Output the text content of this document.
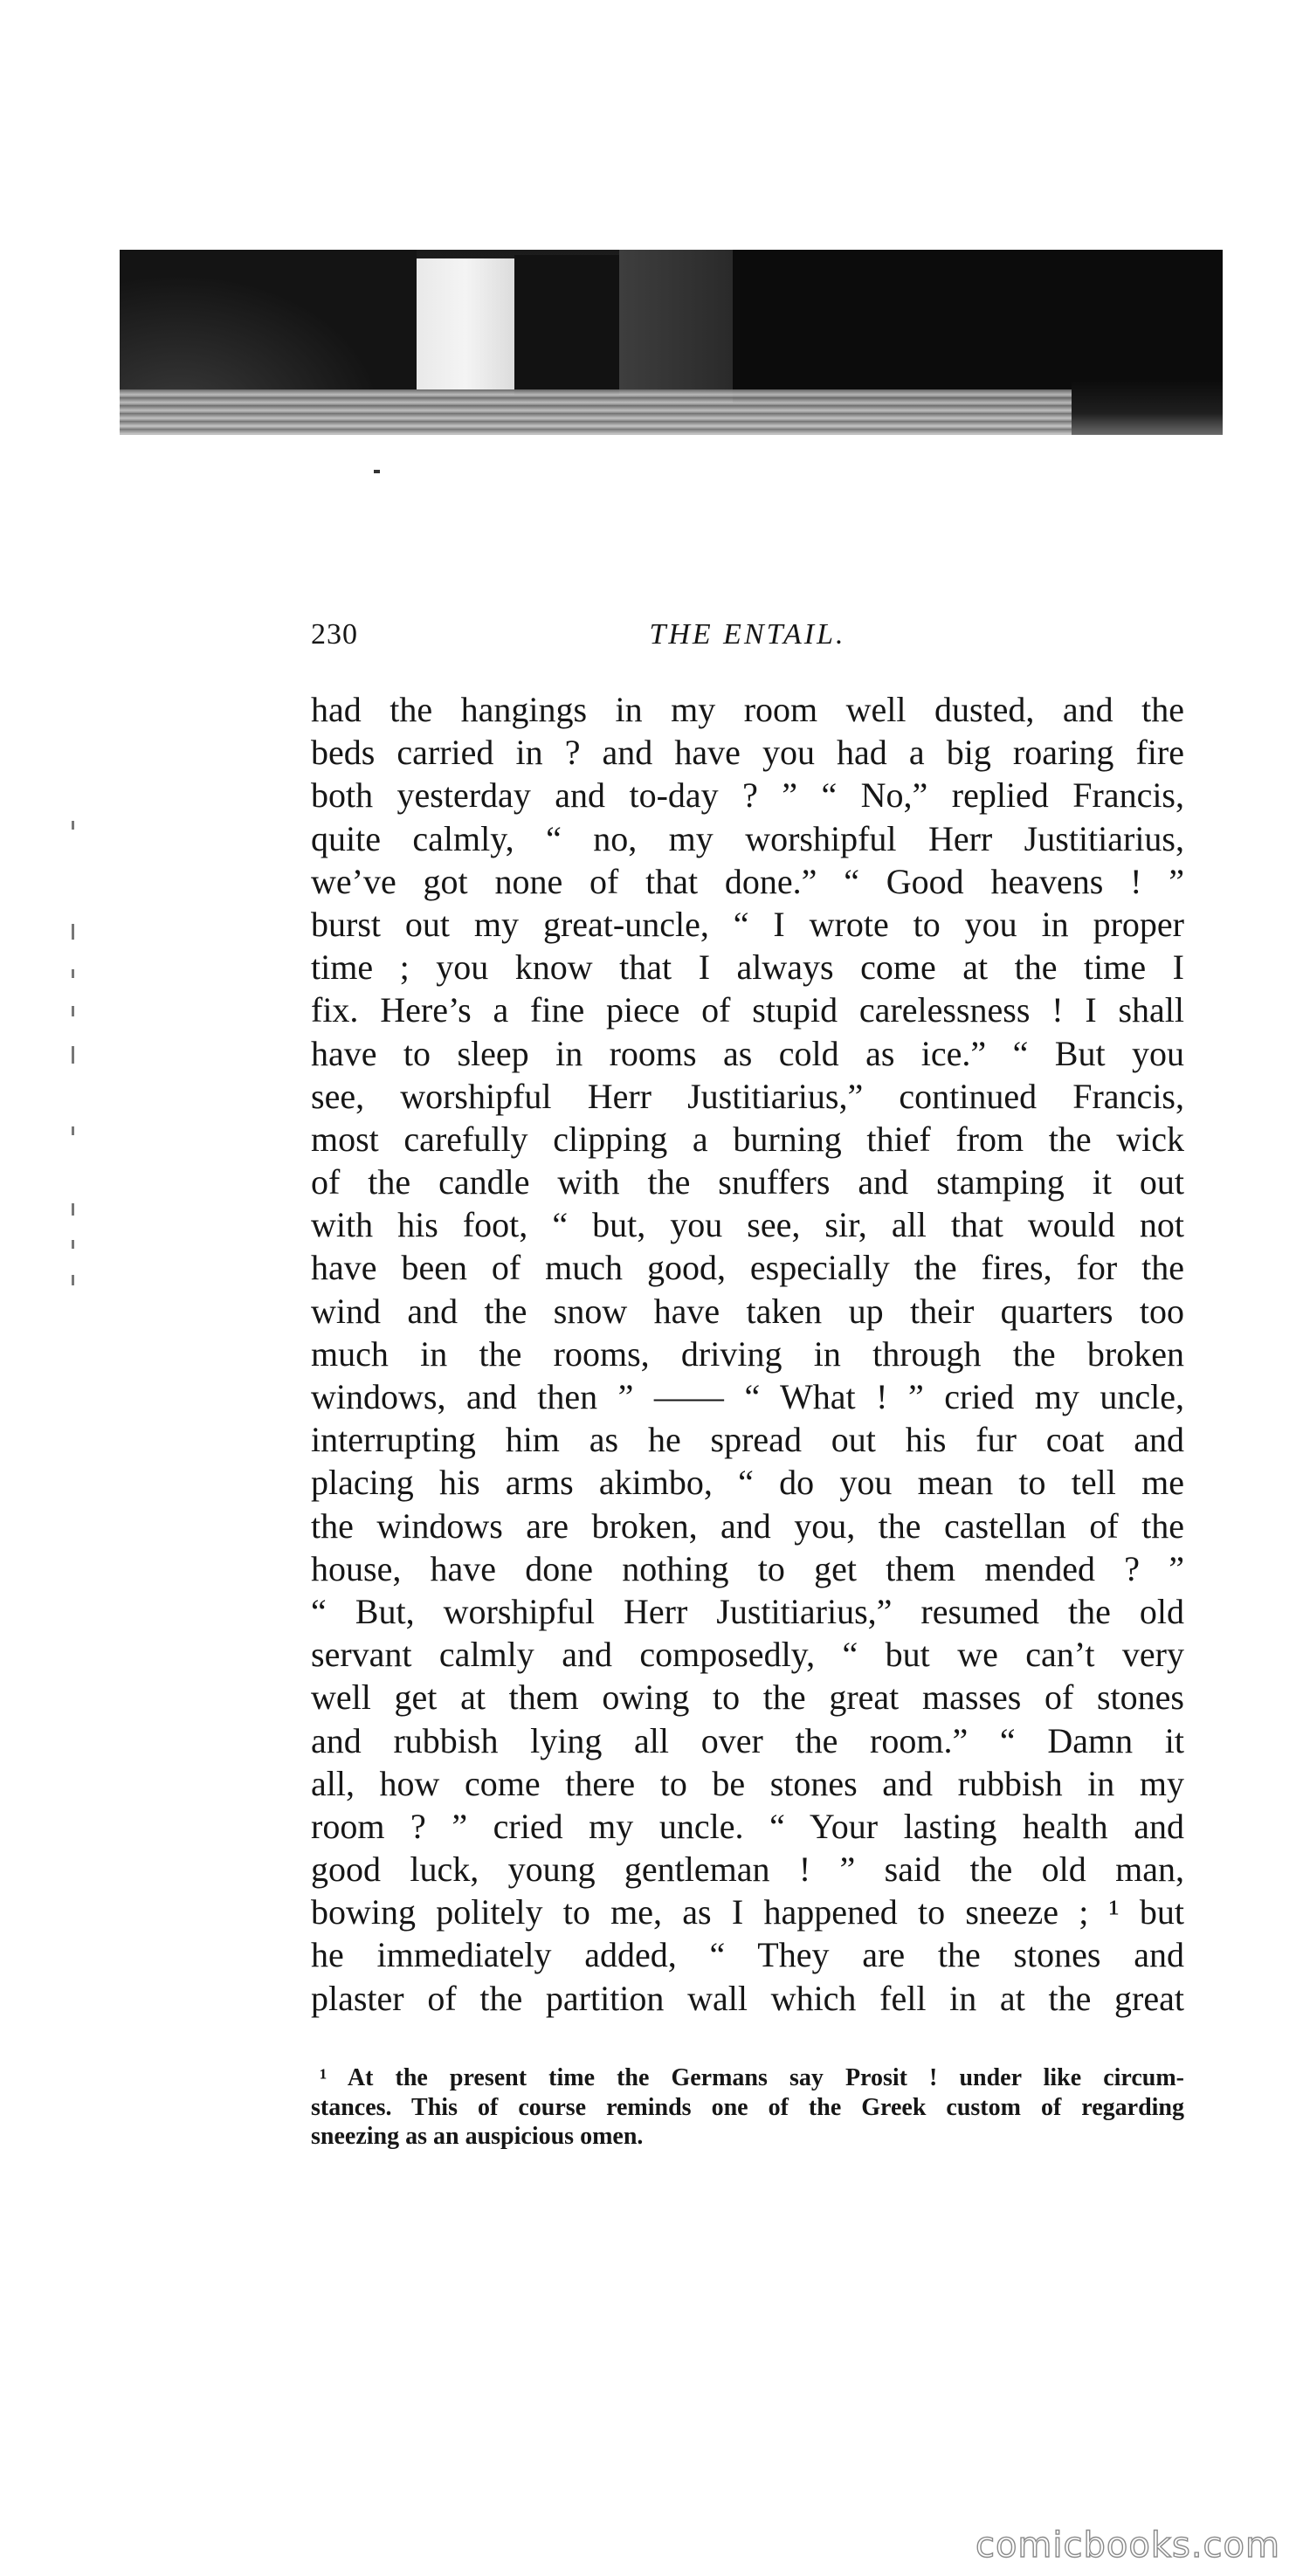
230	THE ENTAIL.
had the hangings in my room well dusted, and the
beds carried in ? and have you had a big roaring fire
both yesterday and to-day ? ” “ No,” replied Francis,
quite calmly, “ no, my worshipful Herr Justitiarius,
we’ve got none of that done.” “ Good heavens ! ”
burst out my great-uncle, “ I wrote to you in proper
time ; you know that I always come at the time I
fix. Here’s a fine piece of stupid carelessness ! I shall
have to sleep in rooms as cold as ice.” “ But you
see, worshipful Herr Justitiarius,” continued Francis,
most carefully clipping a burning thief from the wick
of the candle with the snuffers and stamping it out
with his foot, “ but, you see, sir, all that would not
have been of much good, especially the fires, for the
wind and the snow have taken up their quarters too
much in the rooms, driving in through the broken
windows, and then ” —— “ What ! ” cried my uncle,
interrupting him as he spread out his fur coat and
placing his arms akimbo, “ do you mean to tell me
the windows are broken, and you, the castellan of the
house, have done nothing to get them mended ? ”
“ But, worshipful Herr Justitiarius,” resumed the old
servant calmly and composedly, “ but we can’t very
well get at them owing to the great masses of stones
and rubbish lying all over the room.” “ Damn it
all, how come there to be stones and rubbish in my
room ? ” cried my uncle. “ Your lasting health and
good luck, young gentleman ! ” said the old man,
bowing politely to me, as I happened to sneeze ; ¹ but
he immediately added, “ They are the stones and
plaster of the partition wall which fell in at the great
¹ At the present time the Germans say Prosit ! under like circum-
stances. This of course reminds one of the Greek custom of regarding
sneezing as an auspicious omen.
comicbooks.com
